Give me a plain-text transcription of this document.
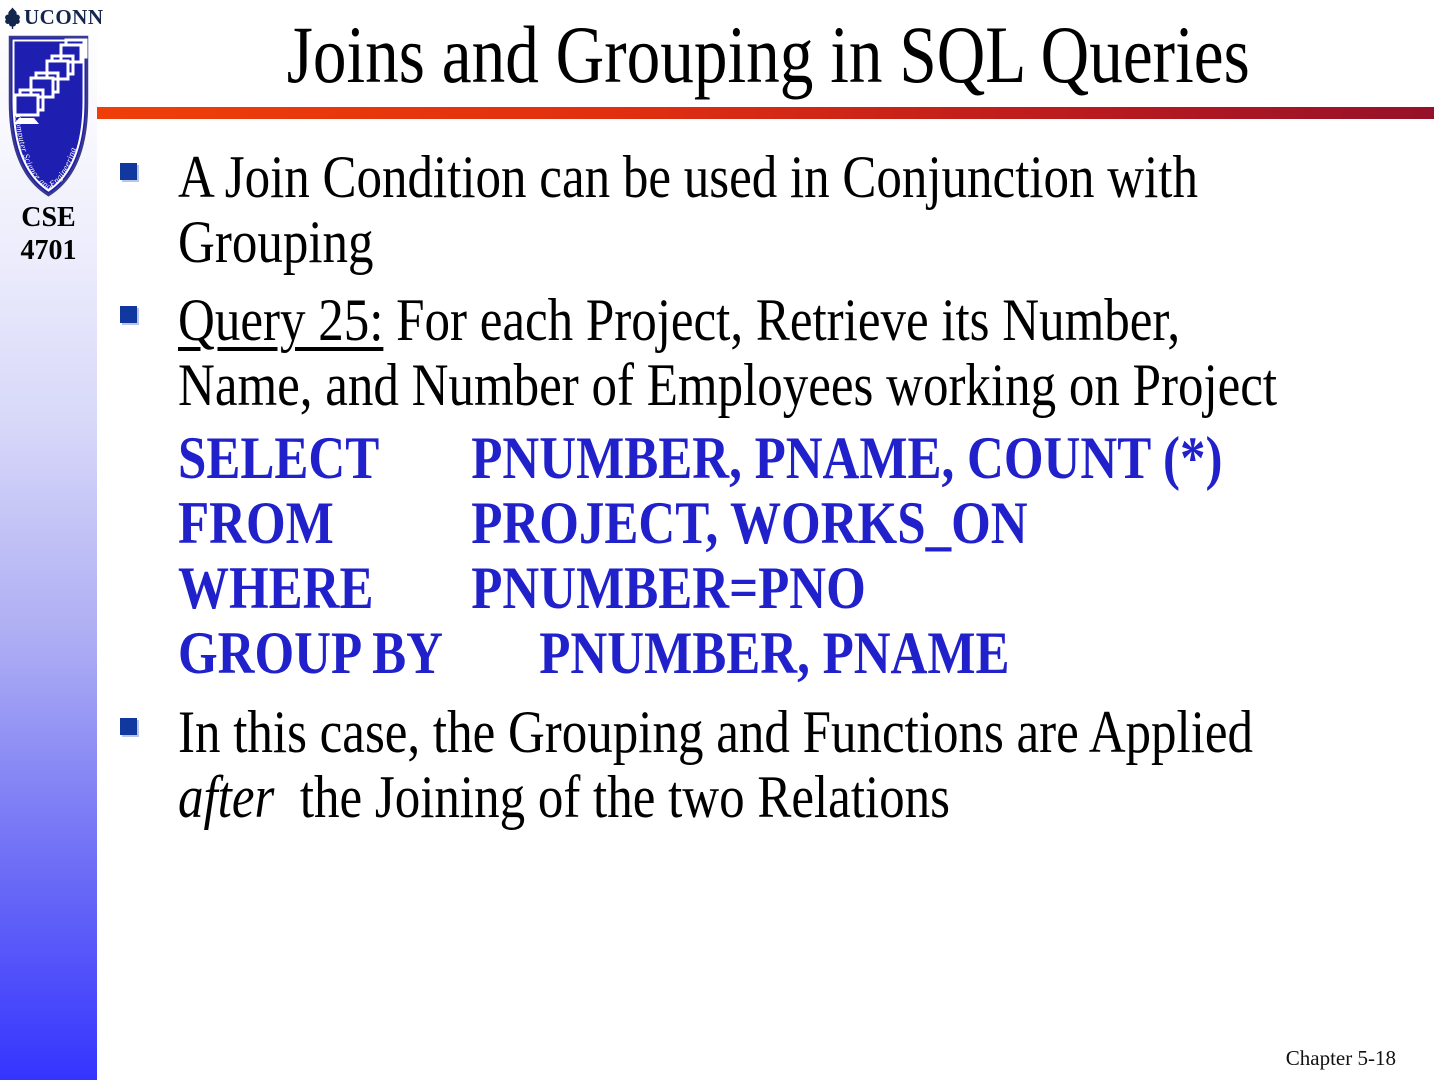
UCONN
Computer Science and Engineering
CSE
4701
Joins and Grouping in SQL Queries
A Join Condition can be used in Conjunction with
Grouping
Query 25: For each Project, Retrieve its Number,
Name, and Number of Employees working on Project
SELECT	PNUMBER, PNAME, COUNT (*)
FROM	PROJECT, WORKS_ON
WHERE	PNUMBER=PNO
GROUP BY	PNUMBER, PNAME
In this case, the Grouping and Functions are Applied
after  the Joining of the two Relations
Chapter 5-18
